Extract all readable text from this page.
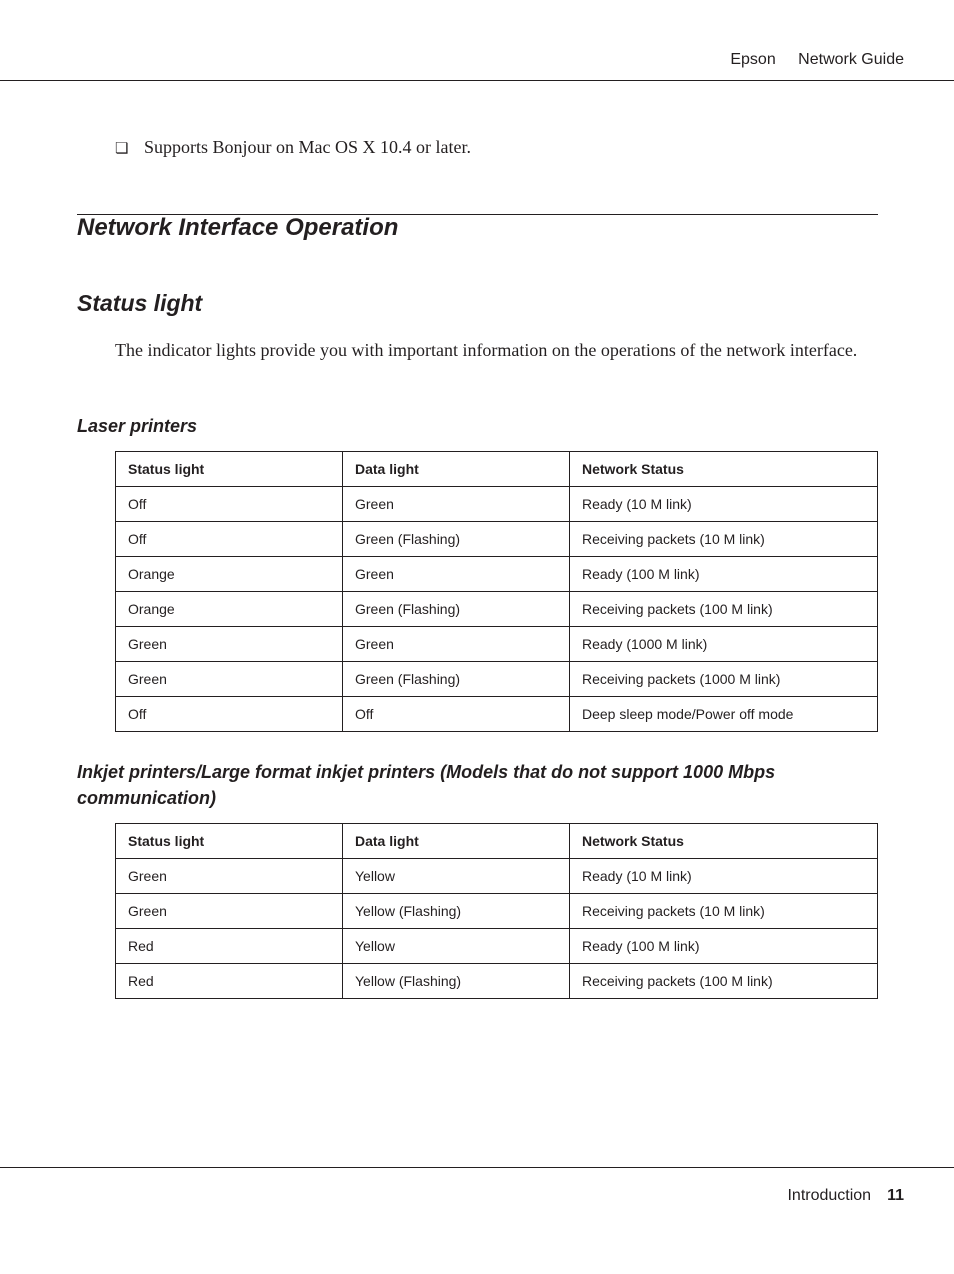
Epson Network Guide
❏ Supports Bonjour on Mac OS X 10.4 or later.
Network Interface Operation
Status light

The indicator lights provide you with important information on the operations of the network interface.

Laser printers
Status light	Data light	Network Status
Off	Green	Ready (10 M link)
Off	Green (Flashing)	Receiving packets (10 M link)
Orange	Green	Ready (100 M link)
Orange	Green (Flashing)	Receiving packets (100 M link)
Green	Green	Ready (1000 M link)
Green	Green (Flashing)	Receiving packets (1000 M link)
Off	Off	Deep sleep mode/Power off mode
Inkjet printers/Large format inkjet printers (Models that do not support 1000 Mbps communication)
Status light	Data light	Network Status
Green	Yellow	Ready (10 M link)
Green	Yellow (Flashing)	Receiving packets (10 M link)
Red	Yellow	Ready (100 M link)
Red	Yellow (Flashing)	Receiving packets (100 M link)
Introduction 11
